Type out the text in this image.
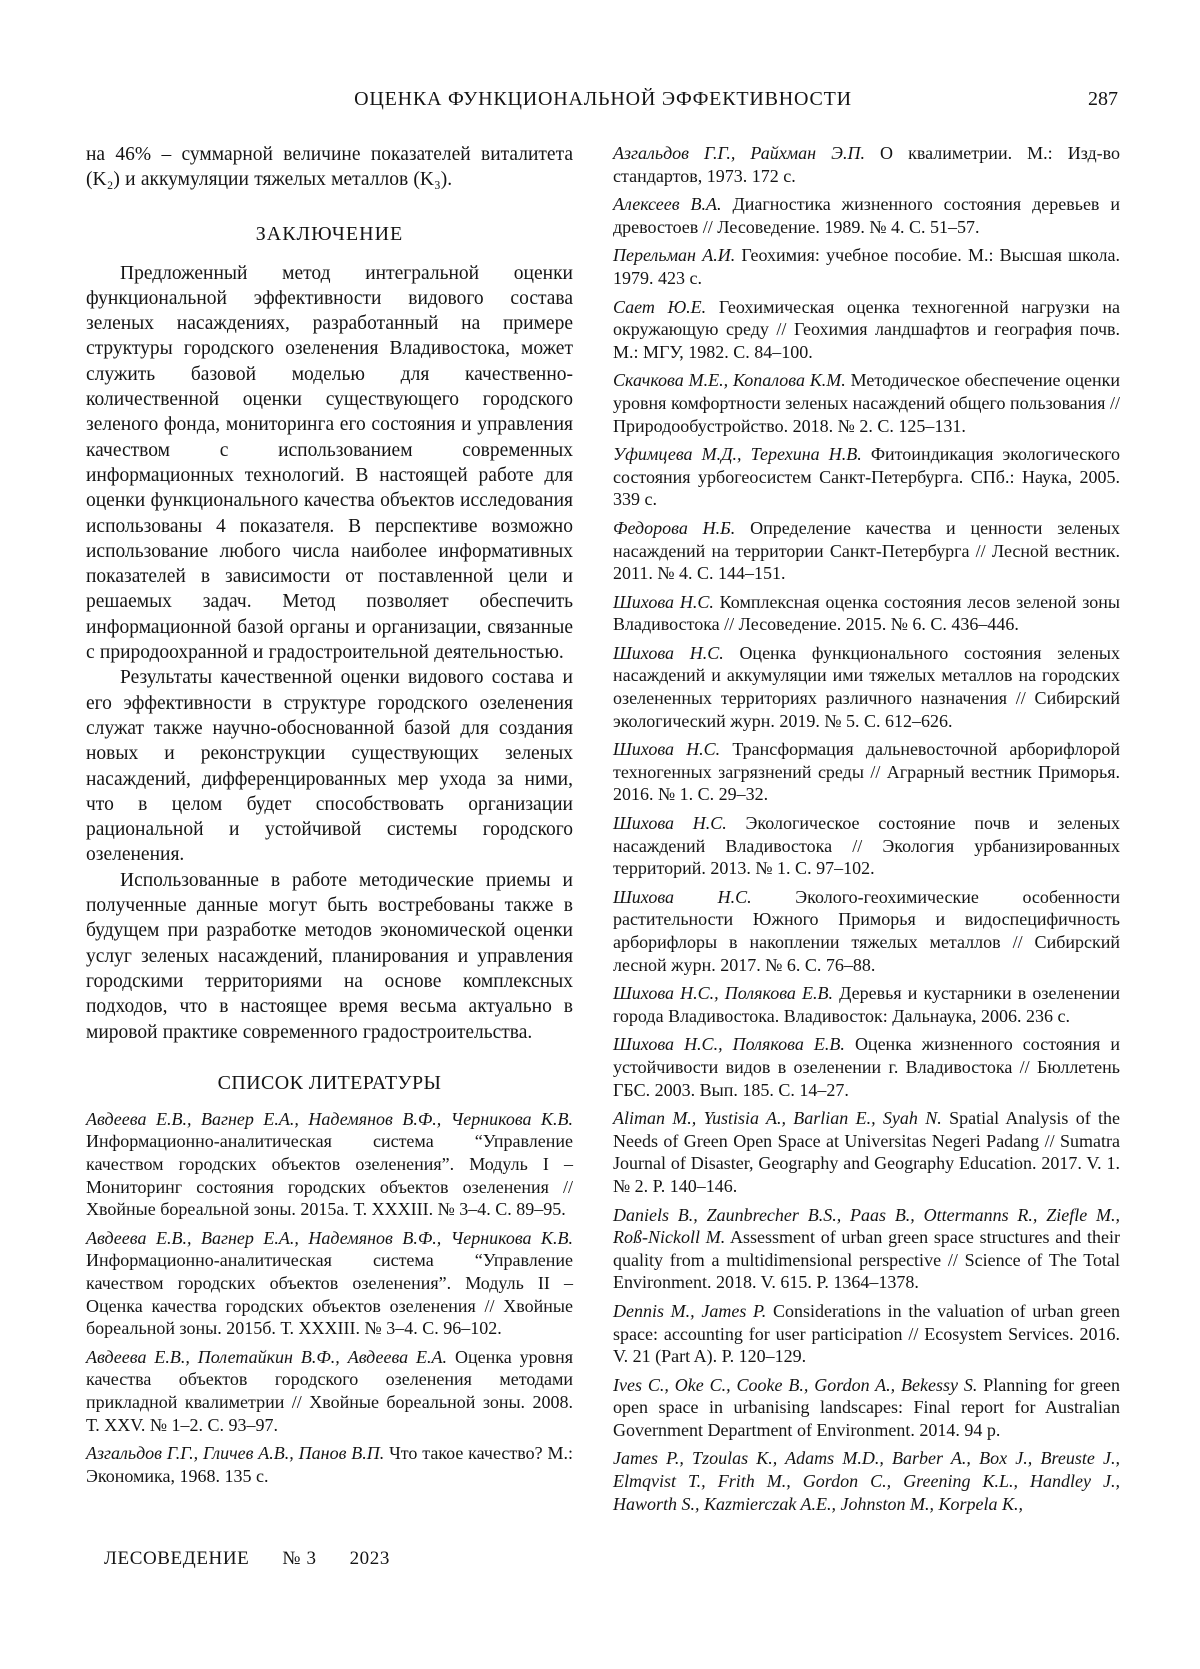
ОЦЕНКА ФУНКЦИОНАЛЬНОЙ ЭФФЕКТИВНОСТИ	287

на 46% – суммарной величине показателей виталитета (K₂) и аккумуляции тяжелых металлов (K₃).

ЗАКЛЮЧЕНИЕ

Предложенный метод интегральной оценки функциональной эффективности видового состава зеленых насаждениях, разработанный на примере структуры городского озеленения Владивостока, может служить базовой моделью для качественно-количественной оценки существующего городского зеленого фонда, мониторинга его состояния и управления качеством с использованием современных информационных технологий. В настоящей работе для оценки функционального качества объектов исследования использованы 4 показателя. В перспективе возможно использование любого числа наиболее информативных показателей в зависимости от поставленной цели и решаемых задач. Метод позволяет обеспечить информационной базой органы и организации, связанные с природоохранной и градостроительной деятельностью.

Результаты качественной оценки видового состава и его эффективности в структуре городского озеленения служат также научно-обоснованной базой для создания новых и реконструкции существующих зеленых насаждений, дифференцированных мер ухода за ними, что в целом будет способствовать организации рациональной и устойчивой системы городского озеленения.

Использованные в работе методические приемы и полученные данные могут быть востребованы также в будущем при разработке методов экономической оценки услуг зеленых насаждений, планирования и управления городскими территориями на основе комплексных подходов, что в настоящее время весьма актуально в мировой практике современного градостроительства.

СПИСОК ЛИТЕРАТУРЫ

Авдеева Е.В., Вагнер Е.А., Надемянов В.Ф., Черникова К.В. Информационно-аналитическая система “Управление качеством городских объектов озеленения”. Модуль I – Мониторинг состояния городских объектов озеленения // Хвойные бореальной зоны. 2015а. Т. XXXIII. № 3–4. С. 89–95.

Авдеева Е.В., Вагнер Е.А., Надемянов В.Ф., Черникова К.В. Информационно-аналитическая система “Управление качеством городских объектов озеленения”. Модуль II – Оценка качества городских объектов озеленения // Хвойные бореальной зоны. 2015б. Т. XXXIII. № 3–4. С. 96–102.

Авдеева Е.В., Полетайкин В.Ф., Авдеева Е.А. Оценка уровня качества объектов городского озеленения методами прикладной квалиметрии // Хвойные бореальной зоны. 2008. Т. XXV. № 1–2. С. 93–97.

Азгальдов Г.Г., Гличев А.В., Панов В.П. Что такое качество? М.: Экономика, 1968. 135 с.

Азгальдов Г.Г., Райхман Э.П. О квалиметрии. М.: Изд-во стандартов, 1973. 172 с.

Алексеев В.А. Диагностика жизненного состояния деревьев и древостоев // Лесоведение. 1989. № 4. С. 51–57.

Перельман А.И. Геохимия: учебное пособие. М.: Высшая школа. 1979. 423 с.

Сает Ю.Е. Геохимическая оценка техногенной нагрузки на окружающую среду // Геохимия ландшафтов и география почв. М.: МГУ, 1982. С. 84–100.

Скачкова М.Е., Копалова К.М. Методическое обеспечение оценки уровня комфортности зеленых насаждений общего пользования // Природообустройство. 2018. № 2. С. 125–131.

Уфимцева М.Д., Терехина Н.В. Фитоиндикация экологического состояния урбогеосистем Санкт-Петербурга. СПб.: Наука, 2005. 339 с.

Федорова Н.Б. Определение качества и ценности зеленых насаждений на территории Санкт-Петербурга // Лесной вестник. 2011. № 4. С. 144–151.

Шихова Н.С. Комплексная оценка состояния лесов зеленой зоны Владивостока // Лесоведение. 2015. № 6. С. 436–446.

Шихова Н.С. Оценка функционального состояния зеленых насаждений и аккумуляции ими тяжелых металлов на городских озелененных территориях различного назначения // Сибирский экологический журн. 2019. № 5. С. 612–626.

Шихова Н.С. Трансформация дальневосточной арборифлорой техногенных загрязнений среды // Аграрный вестник Приморья. 2016. № 1. С. 29–32.

Шихова Н.С. Экологическое состояние почв и зеленых насаждений Владивостока // Экология урбанизированных территорий. 2013. № 1. С. 97–102.

Шихова Н.С. Эколого-геохимические особенности растительности Южного Приморья и видоспецифичность арборифлоры в накоплении тяжелых металлов // Сибирский лесной журн. 2017. № 6. С. 76–88.

Шихова Н.С., Полякова Е.В. Деревья и кустарники в озеленении города Владивостока. Владивосток: Дальнаука, 2006. 236 с.

Шихова Н.С., Полякова Е.В. Оценка жизненного состояния и устойчивости видов в озеленении г. Владивостока // Бюллетень ГБС. 2003. Вып. 185. С. 14–27.

Aliman M., Yustisia A., Barlian E., Syah N. Spatial Analysis of the Needs of Green Open Space at Universitas Negeri Padang // Sumatra Journal of Disaster, Geography and Geography Education. 2017. V. 1. № 2. P. 140–146.

Daniels B., Zaunbrecher B.S., Paas B., Ottermanns R., Ziefle M., Roß-Nickoll M. Assessment of urban green space structures and their quality from a multidimensional perspective // Science of The Total Environment. 2018. V. 615. P. 1364–1378.

Dennis M., James P. Considerations in the valuation of urban green space: accounting for user participation // Ecosystem Services. 2016. V. 21 (Part A). P. 120–129.

Ives C., Oke C., Cooke B., Gordon A., Bekessy S. Planning for green open space in urbanising landscapes: Final report for Australian Government Department of Environment. 2014. 94 p.

James P., Tzoulas K., Adams M.D., Barber A., Box J., Breuste J., Elmqvist T., Frith M., Gordon C., Greening K.L., Handley J., Haworth S., Kazmierczak A.E., Johnston M., Korpela K.,

ЛЕСОВЕДЕНИЕ № 3 2023
